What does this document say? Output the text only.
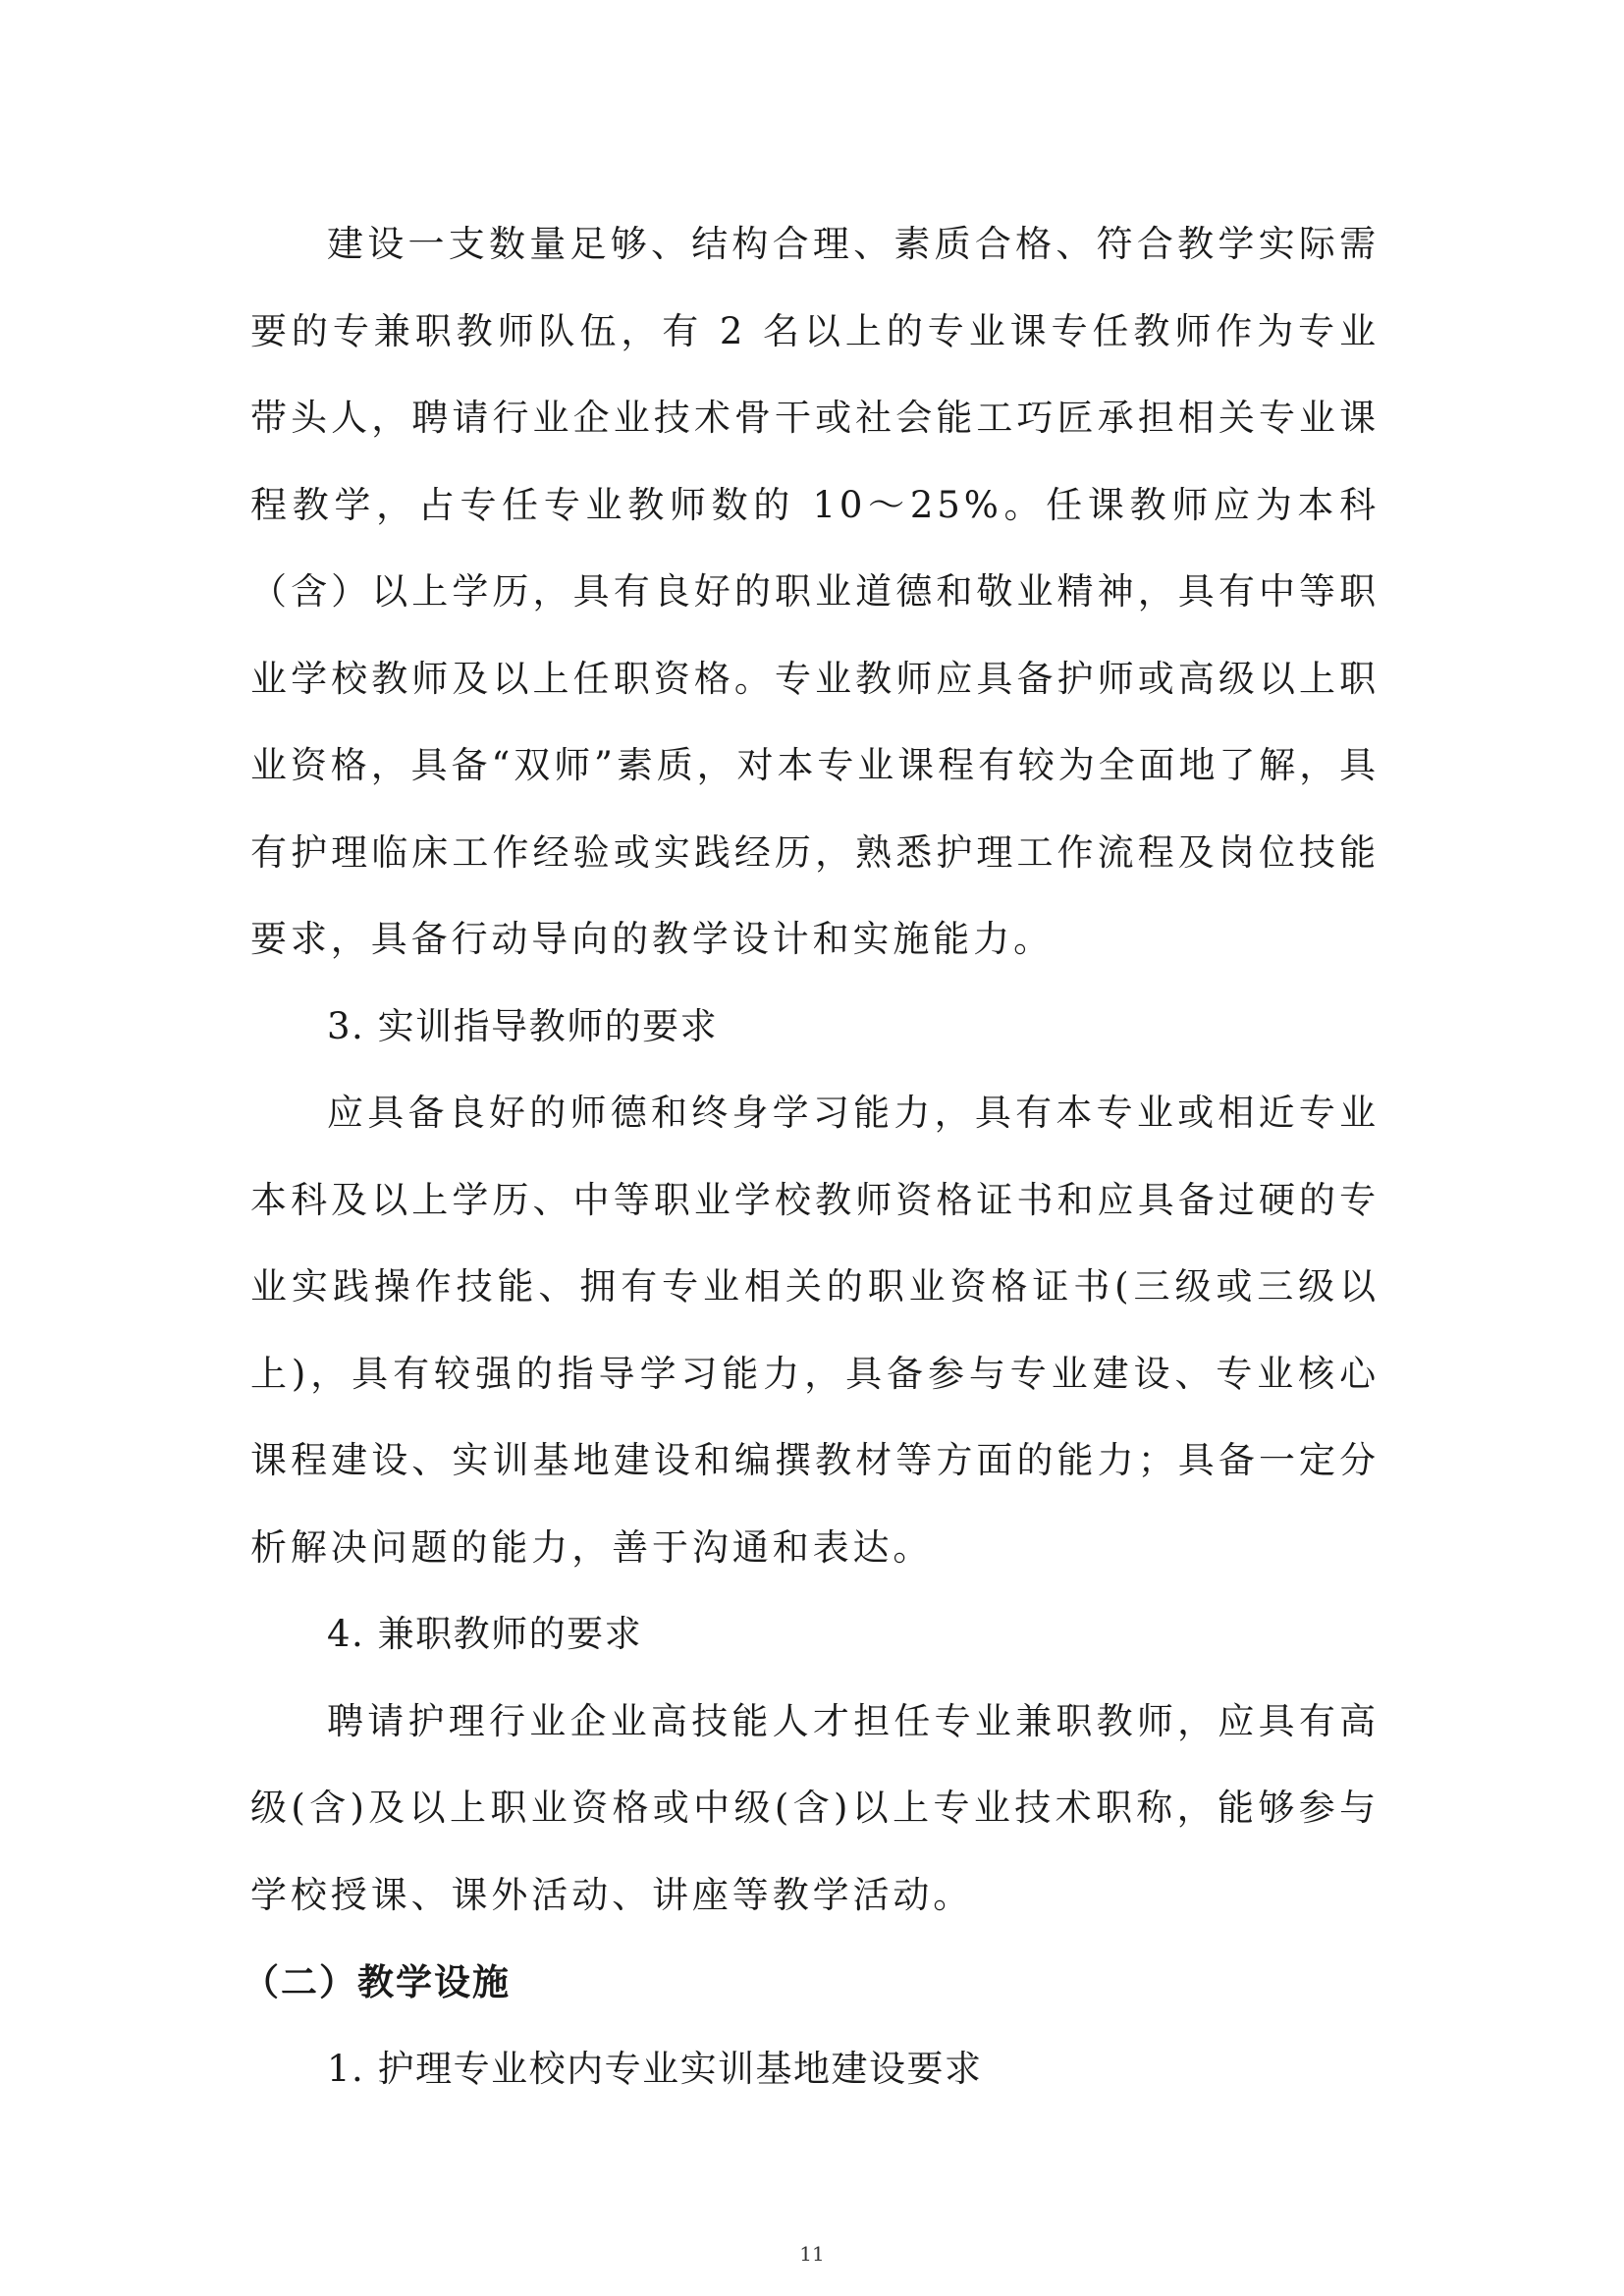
建设一支数量足够、结构合理、素质合格、符合教学实际需要的专兼职教师队伍，有 2 名以上的专业课专任教师作为专业带头人，聘请行业企业技术骨干或社会能工巧匠承担相关专业课程教学，占专任专业教师数的 10～25%。任课教师应为本科（含）以上学历，具有良好的职业道德和敬业精神，具有中等职业学校教师及以上任职资格。专业教师应具备护师或高级以上职业资格，具备“双师”素质，对本专业课程有较为全面地了解，具有护理临床工作经验或实践经历，熟悉护理工作流程及岗位技能要求，具备行动导向的教学设计和实施能力。

3. 实训指导教师的要求

应具备良好的师德和终身学习能力，具有本专业或相近专业本科及以上学历、中等职业学校教师资格证书和应具备过硬的专业实践操作技能、拥有专业相关的职业资格证书(三级或三级以上)，具有较强的指导学习能力，具备参与专业建设、专业核心课程建设、实训基地建设和编撰教材等方面的能力；具备一定分析解决问题的能力，善于沟通和表达。

4. 兼职教师的要求

聘请护理行业企业高技能人才担任专业兼职教师，应具有高级(含)及以上职业资格或中级(含)以上专业技术职称，能够参与学校授课、课外活动、讲座等教学活动。

（二）教学设施

1. 护理专业校内专业实训基地建设要求

11
